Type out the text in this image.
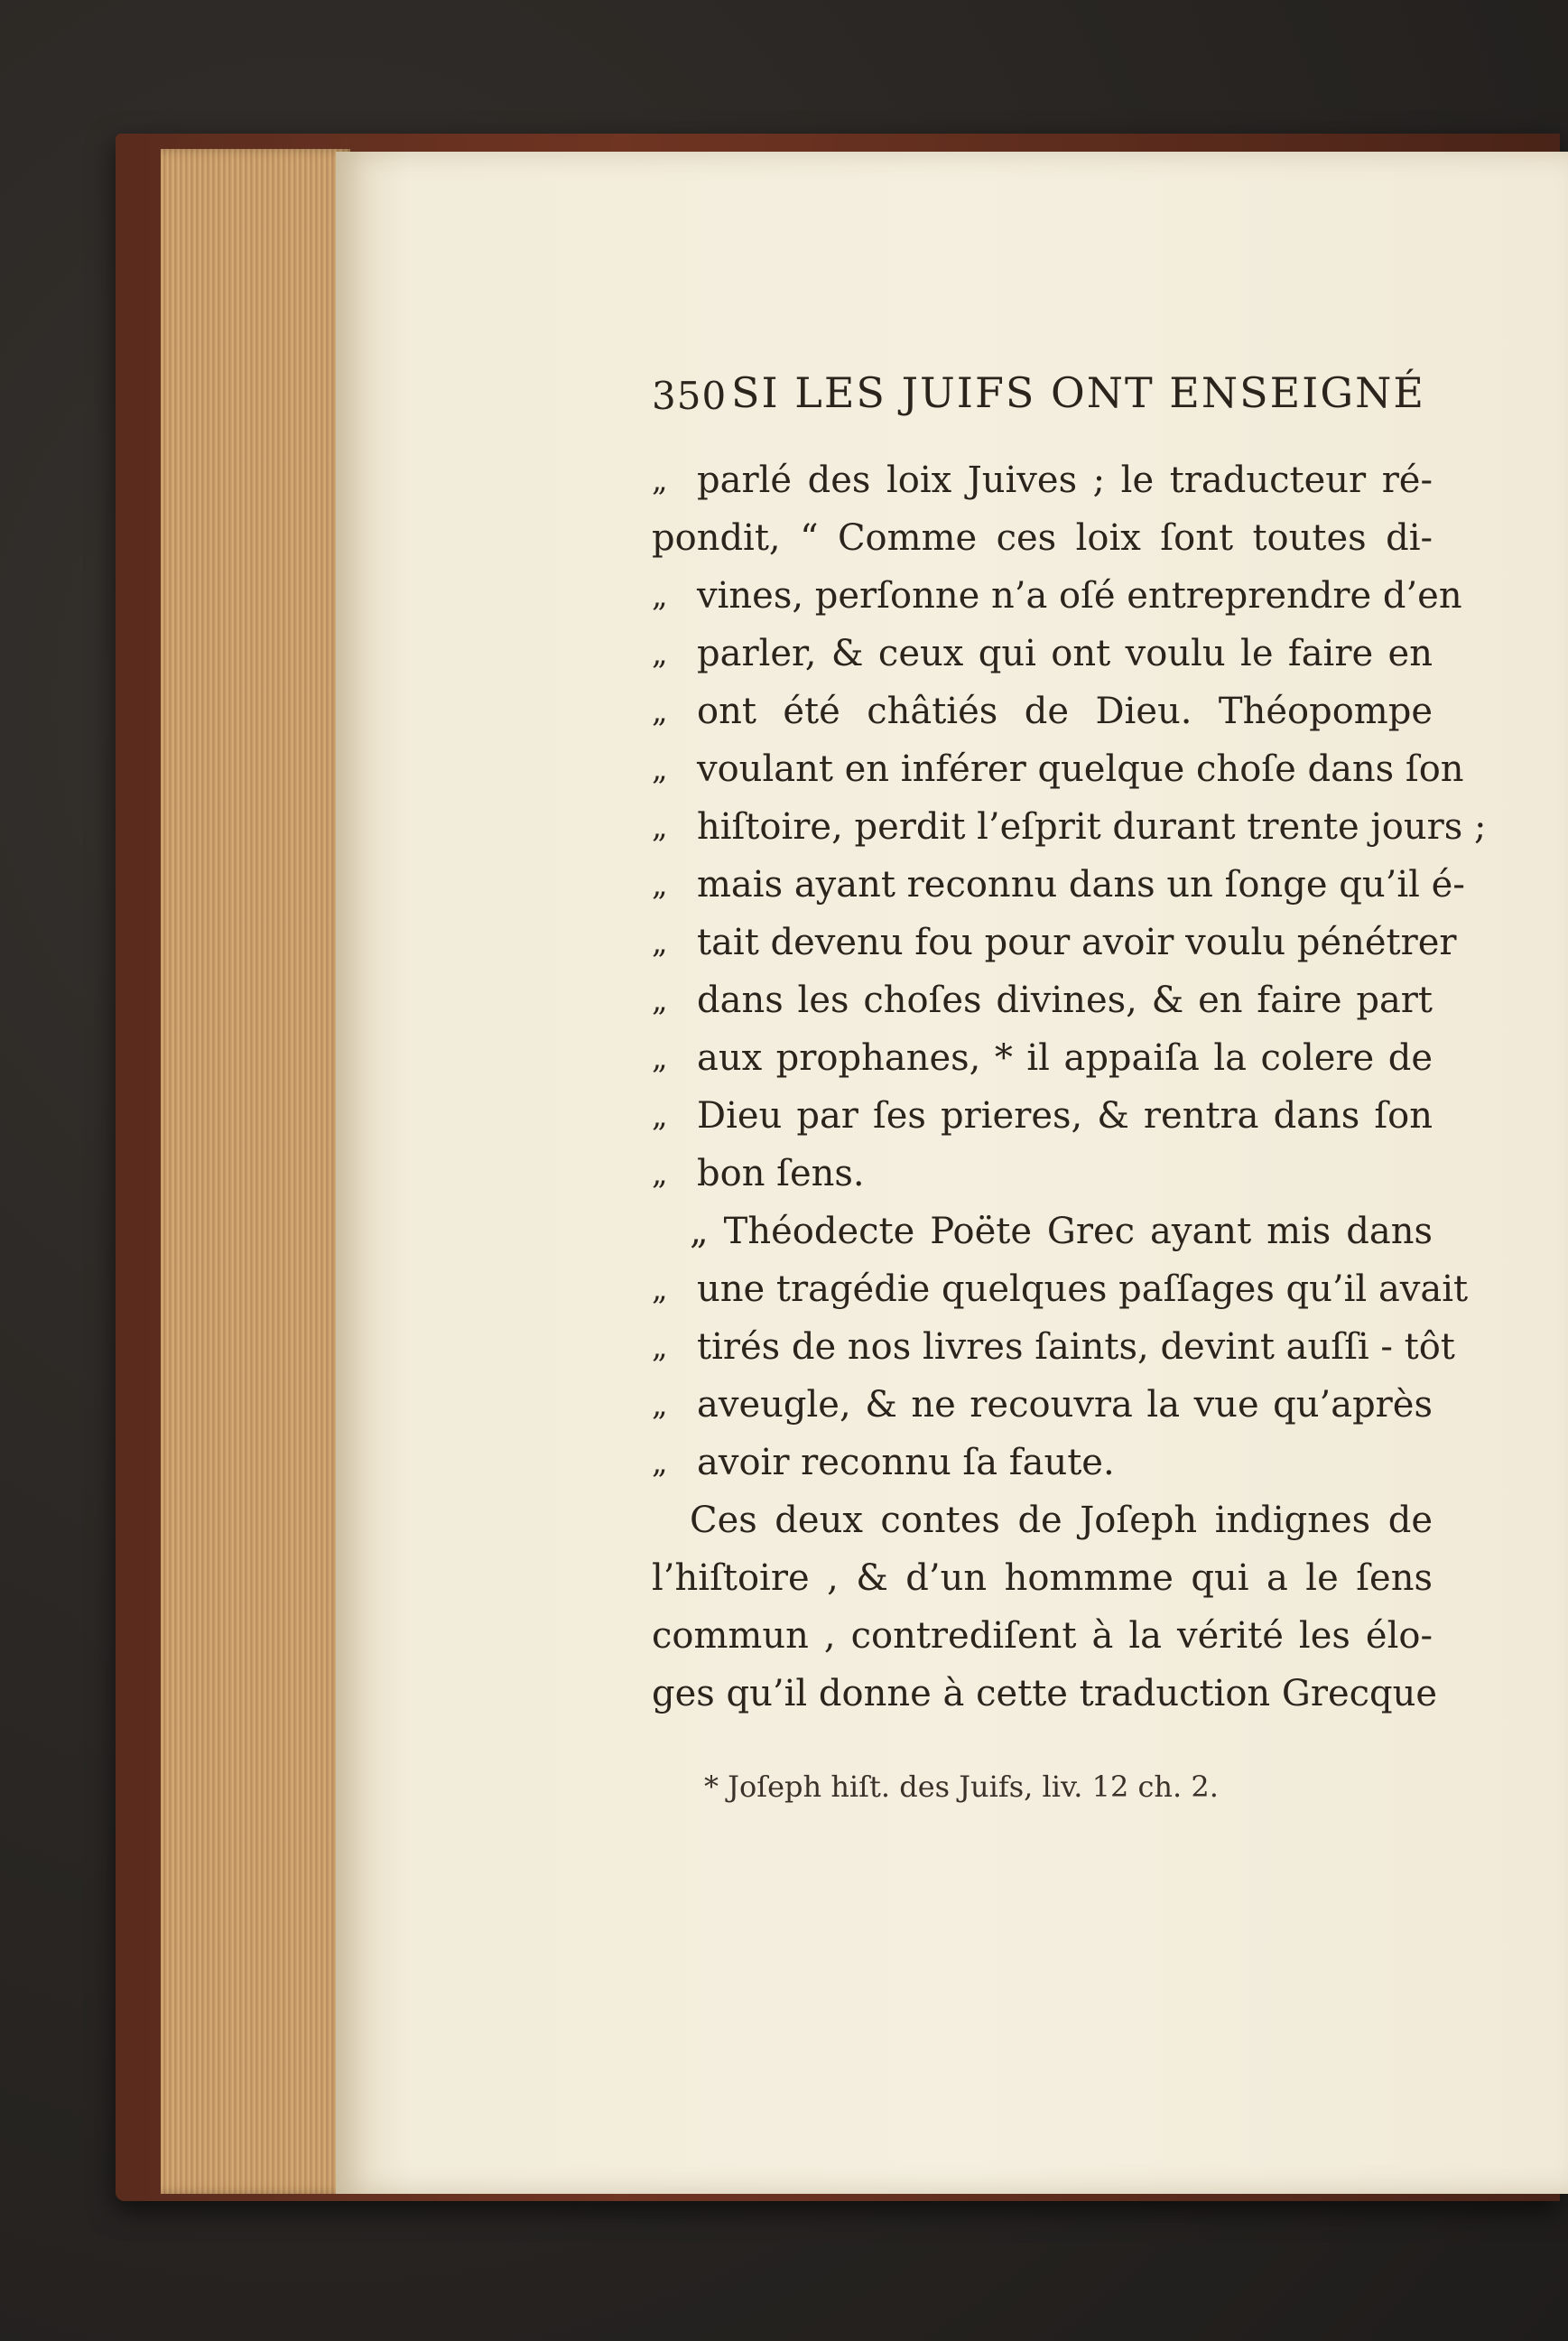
350 SI LES JUIFS ONT ENSEIGNÉ
„ parlé des loix Juives ; le traducteur ré-
pondit, “ Comme ces loix ſont toutes di-
„ vines, perſonne n’a oſé entreprendre d’en
„ parler, & ceux qui ont voulu le faire en
„ ont été châtiés de Dieu. Théopompe
„ voulant en inférer quelque choſe dans ſon
„ hiſtoire, perdit l’eſprit durant trente jours ;
„ mais ayant reconnu dans un ſonge qu’il é-
„ tait devenu fou pour avoir voulu pénétrer
„ dans les choſes divines, & en faire part
„ aux prophanes, * il appaiſa la colere de
„ Dieu par ſes prieres, & rentra dans ſon
„ bon ſens.
„ Théodecte Poëte Grec ayant mis dans
„ une tragédie quelques paſſages qu’il avait
„ tirés de nos livres ſaints, devint auſſi - tôt
„ aveugle, & ne recouvra la vue qu’après
„ avoir reconnu ſa faute.
Ces deux contes de Joſeph indignes de
l’hiſtoire , & d’un hommme qui a le ſens
commun , contrediſent à la vérité les élo-
ges qu’il donne à cette traduction Grecque
* Joſeph hiſt. des Juifs, liv. 12 ch. 2.
